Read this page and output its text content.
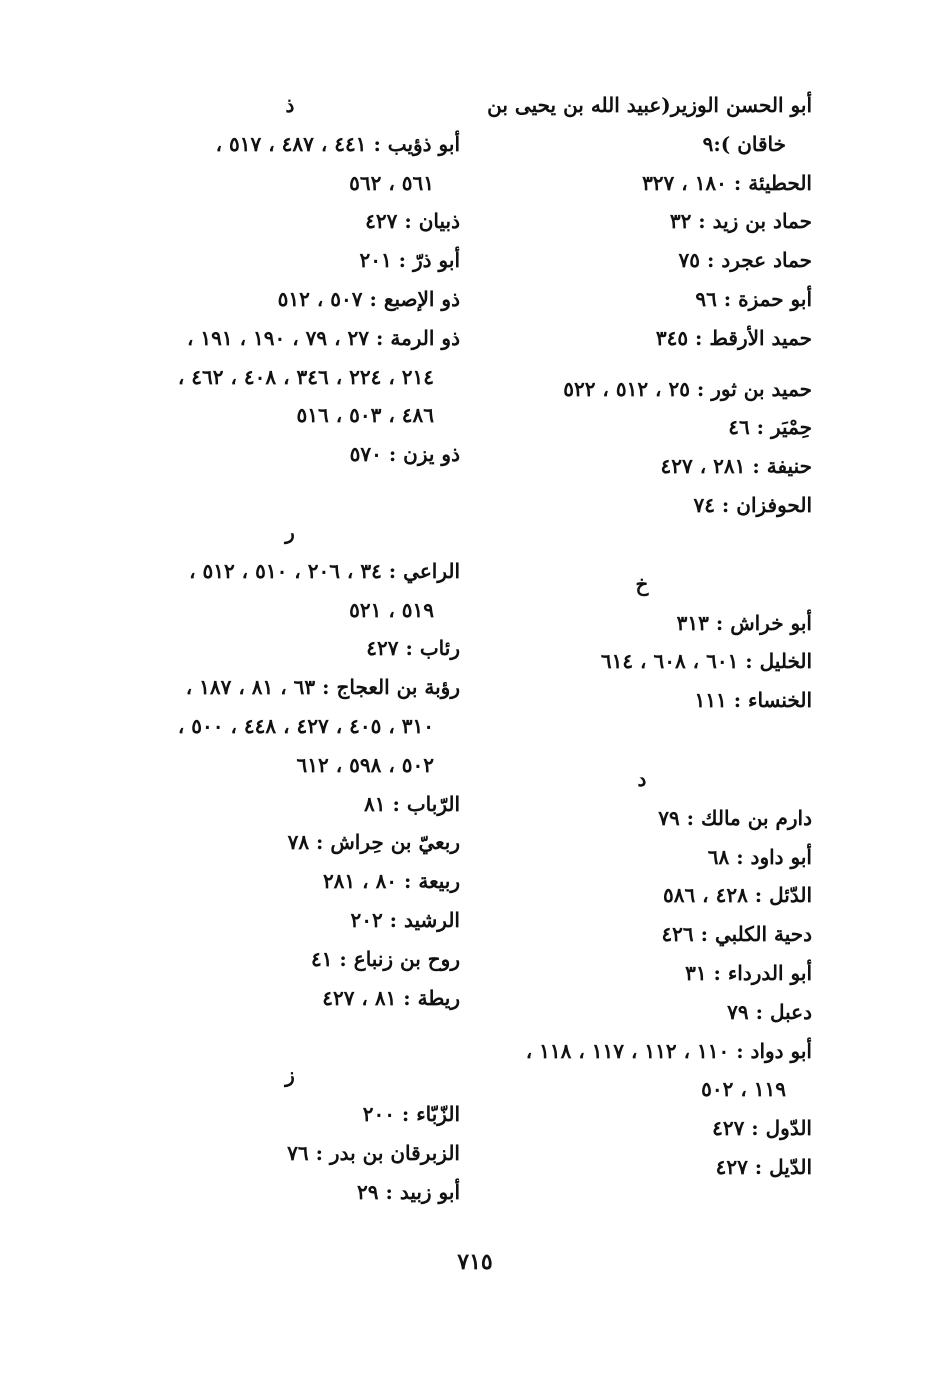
أبو الحسن الوزير(عبيد الله بن يحيى بن
خاقان ):٩
الحطيئة : ١٨٠ ، ٣٢٧
حماد بن زيد : ٣٢
حماد عجرد : ٧٥
أبو حمزة : ٩٦
حميد الأرقط : ٣٤٥
حميد بن ثور : ٢٥ ، ٥١٢ ، ٥٢٢
حِمْيَر : ٤٦
حنيفة : ٢٨١ ، ٤٢٧
الحوفزان : ٧٤
خ
أبو خراش : ٣١٣
الخليل : ٦٠١ ، ٦٠٨ ، ٦١٤
الخنساء : ١١١
د
دارم بن مالك : ٧٩
أبو داود : ٦٨
الدّئل : ٤٢٨ ، ٥٨٦
دحية الكلبي : ٤٢٦
أبو الدرداء : ٣١
دعبل : ٧٩
أبو دواد : ١١٠ ، ١١٢ ، ١١٧ ، ١١٨ ،
١١٩ ، ٥٠٢
الدّول : ٤٢٧
الدّيل : ٤٢٧
ذ
أبو ذؤيب : ٤٤١ ، ٤٨٧ ، ٥١٧ ،
٥٦١ ، ٥٦٢
ذبيان : ٤٢٧
أبو ذرّ : ٢٠١
ذو الإصبع : ٥٠٧ ، ٥١٢
ذو الرمة : ٢٧ ، ٧٩ ، ١٩٠ ، ١٩١ ،
٢١٤ ، ٢٢٤ ، ٣٤٦ ، ٤٠٨ ، ٤٦٢ ،
٤٨٦ ، ٥٠٣ ، ٥١٦
ذو يزن : ٥٧٠
ر
الراعي : ٣٤ ، ٢٠٦ ، ٥١٠ ، ٥١٢ ،
٥١٩ ، ٥٢١
رئاب : ٤٢٧
رؤبة بن العجاج : ٦٣ ، ٨١ ، ١٨٧ ،
٣١٠ ، ٤٠٥ ، ٤٢٧ ، ٤٤٨ ، ٥٠٠ ،
٥٠٢ ، ٥٩٨ ، ٦١٢
الرّباب : ٨١
ربعيّ بن حِراش : ٧٨
ربيعة : ٨٠ ، ٢٨١
الرشيد : ٢٠٢
روح بن زنباع : ٤١
ريطة : ٨١ ، ٤٢٧
ز
الزّبّاء : ٢٠٠
الزبرقان بن بدر : ٧٦
أبو زبيد : ٢٩
٧١٥
